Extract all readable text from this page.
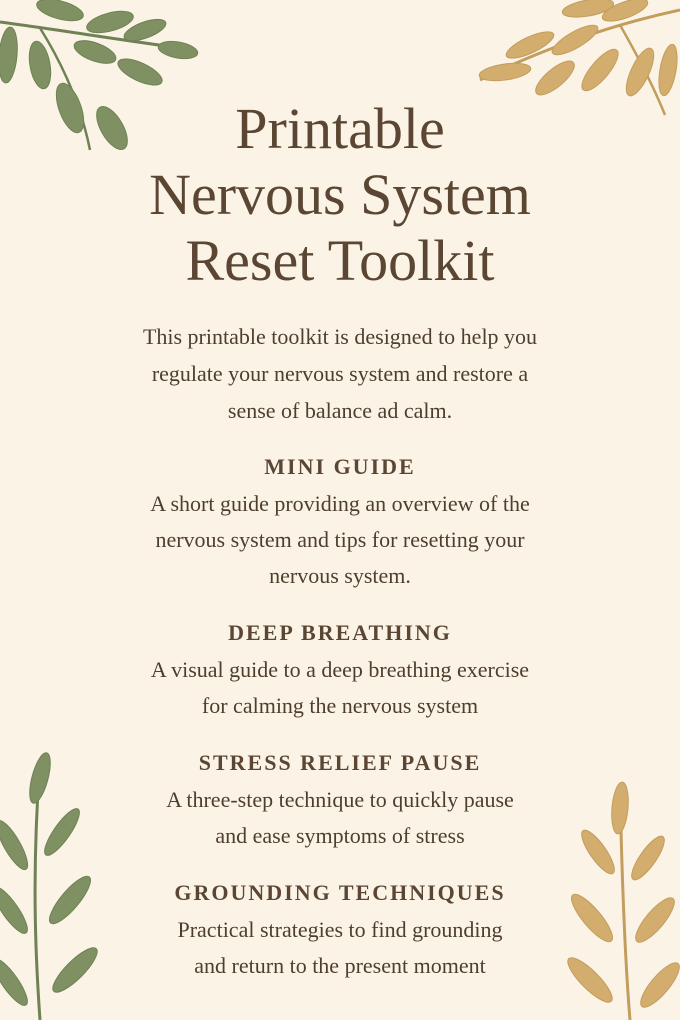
Printable
Nervous System
Reset Toolkit
This printable toolkit is designed to help you
regulate your nervous system and restore a
sense of balance ad calm.
MINI GUIDE
A short guide providing an overview of the
nervous system and tips for resetting your
nervous system.
DEEP BREATHING
A visual guide to a deep breathing exercise
for calming the nervous system
STRESS RELIEF PAUSE
A three-step technique to quickly pause
and ease symptoms of stress
GROUNDING TECHNIQUES
Practical strategies to find grounding
and return to the present moment
